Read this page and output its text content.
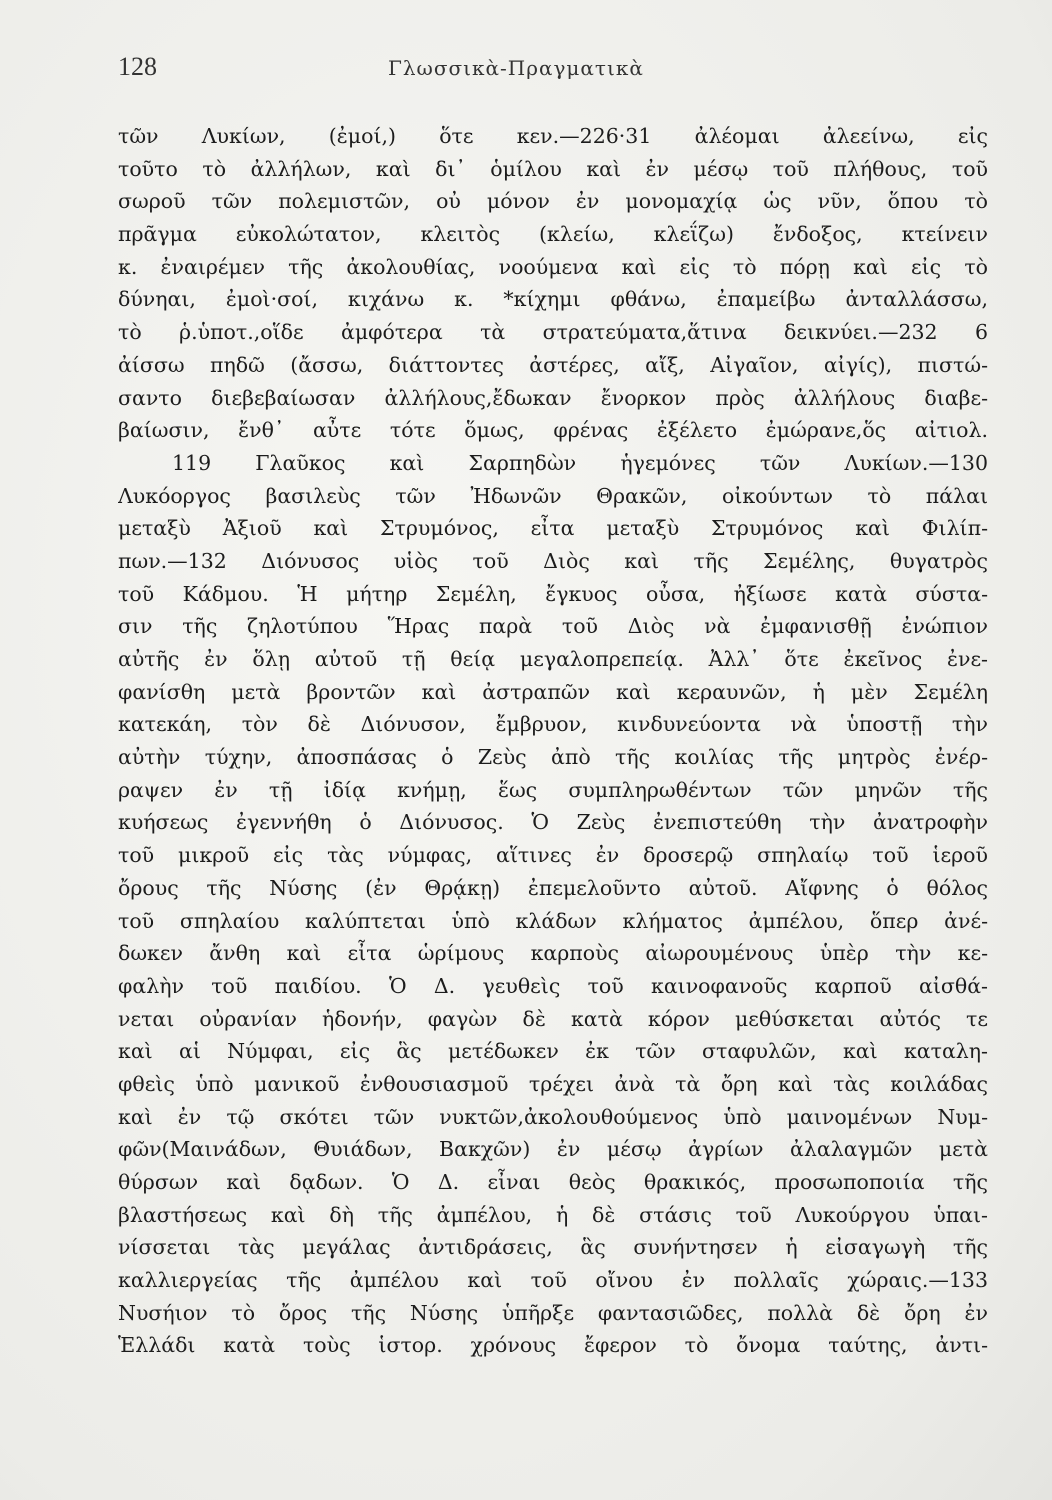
128	Γλωσσικὰ-Πραγματικὰ
τῶν Λυκίων, (ἐμοί,) ὅτε κεν.—226·31 ἀλέομαι ἀλεείνω, εἰς
τοῦτο τὸ ἀλλήλων, καὶ δι᾽ ὁμίλου καὶ ἐν μέσῳ τοῦ πλήθους, τοῦ
σωροῦ τῶν πολεμιστῶν, οὐ μόνον ἐν μονομαχίᾳ ὡς νῦν, ὅπου τὸ
πρᾶγμα εὐκολώτατον, κλειτὸς (κλείω, κλεΐζω) ἔνδοξος, κτείνειν
κ. ἐναιρέμεν τῆς ἀκολουθίας, νοούμενα καὶ εἰς τὸ πόρῃ καὶ εἰς τὸ
δύνηαι, ἐμοὶ·σοί, κιχάνω κ. *κίχημι φθάνω, ἐπαμείβω ἀνταλλάσσω,
τὸ ῥ.ὑποτ.,οἵδε ἀμφότερα τὰ στρατεύματα,ἅτινα δεικνύει.—232 6
ἀίσσω πηδῶ (ἄσσω, διάττοντες ἀστέρες, αἴξ, Αἰγαῖον, αἰγίς), πιστώ-
σαντο διεβεβαίωσαν ἀλλήλους,ἔδωκαν ἔνορκον πρὸς ἀλλήλους διαβε-
βαίωσιν, ἔνθ᾽ αὖτε τότε ὅμως, φρένας ἐξέλετο ἐμώρανε,ὅς αἰτιολ.
119 Γλαῦκος καὶ Σαρπηδὼν ἡγεμόνες τῶν Λυκίων.—130
Λυκόοργος βασιλεὺς τῶν Ἠδωνῶν Θρακῶν, οἰκούντων τὸ πάλαι
μεταξὺ Ἀξιοῦ καὶ Στρυμόνος, εἶτα μεταξὺ Στρυμόνος καὶ Φιλίπ-
πων.—132 Διόνυσος υἱὸς τοῦ Διὸς καὶ τῆς Σεμέλης, θυγατρὸς
τοῦ Κάδμου. Ἡ μήτηρ Σεμέλη, ἔγκυος οὖσα, ἠξίωσε κατὰ σύστα-
σιν τῆς ζηλοτύπου Ἥρας παρὰ τοῦ Διὸς νὰ ἐμφανισθῇ ἐνώπιον
αὐτῆς ἐν ὅλῃ αὐτοῦ τῇ θείᾳ μεγαλοπρεπείᾳ. Ἀλλ᾽ ὅτε ἐκεῖνος ἐνε-
φανίσθη μετὰ βροντῶν καὶ ἀστραπῶν καὶ κεραυνῶν, ἡ μὲν Σεμέλη
κατεκάη, τὸν δὲ Διόνυσον, ἔμβρυον, κινδυνεύοντα νὰ ὑποστῇ τὴν
αὐτὴν τύχην, ἀποσπάσας ὁ Ζεὺς ἀπὸ τῆς κοιλίας τῆς μητρὸς ἐνέρ-
ραψεν ἐν τῇ ἰδίᾳ κνήμῃ, ἕως συμπληρωθέντων τῶν μηνῶν τῆς
κυήσεως ἐγεννήθη ὁ Διόνυσος. Ὁ Ζεὺς ἐνεπιστεύθη τὴν ἀνατροφὴν
τοῦ μικροῦ εἰς τὰς νύμφας, αἵτινες ἐν δροσερῷ σπηλαίῳ τοῦ ἱεροῦ
ὄρους τῆς Νύσης (ἐν Θρᾴκῃ) ἐπεμελοῦντο αὐτοῦ. Αἴφνης ὁ θόλος
τοῦ σπηλαίου καλύπτεται ὑπὸ κλάδων κλήματος ἀμπέλου, ὅπερ ἀνέ-
δωκεν ἄνθη καὶ εἶτα ὡρίμους καρποὺς αἰωρουμένους ὑπὲρ τὴν κε-
φαλὴν τοῦ παιδίου. Ὁ Δ. γευθεὶς τοῦ καινοφανοῦς καρποῦ αἰσθά-
νεται οὐρανίαν ἡδονήν, φαγὼν δὲ κατὰ κόρον μεθύσκεται αὐτός τε
καὶ αἱ Νύμφαι, εἰς ἃς μετέδωκεν ἐκ τῶν σταφυλῶν, καὶ καταλη-
φθεὶς ὑπὸ μανικοῦ ἐνθουσιασμοῦ τρέχει ἀνὰ τὰ ὄρη καὶ τὰς κοιλάδας
καὶ ἐν τῷ σκότει τῶν νυκτῶν,ἀκολουθούμενος ὑπὸ μαινομένων Νυμ-
φῶν(Μαινάδων, Θυιάδων, Βακχῶν) ἐν μέσῳ ἀγρίων ἀλαλαγμῶν μετὰ
θύρσων καὶ δᾳδων. Ὁ Δ. εἶναι θεὸς θρακικός, προσωποποιία τῆς
βλαστήσεως καὶ δὴ τῆς ἀμπέλου, ἡ δὲ στάσις τοῦ Λυκούργου ὑπαι-
νίσσεται τὰς μεγάλας ἀντιδράσεις, ἃς συνήντησεν ἡ εἰσαγωγὴ τῆς
καλλιεργείας τῆς ἀμπέλου καὶ τοῦ οἴνου ἐν πολλαῖς χώραις.—133
Νυσήιον τὸ ὄρος τῆς Νύσης ὑπῆρξε φαντασιῶδες, πολλὰ δὲ ὄρη ἐν
Ἑλλάδι κατὰ τοὺς ἱστορ. χρόνους ἔφερον τὸ ὄνομα ταύτης, ἀντι-
